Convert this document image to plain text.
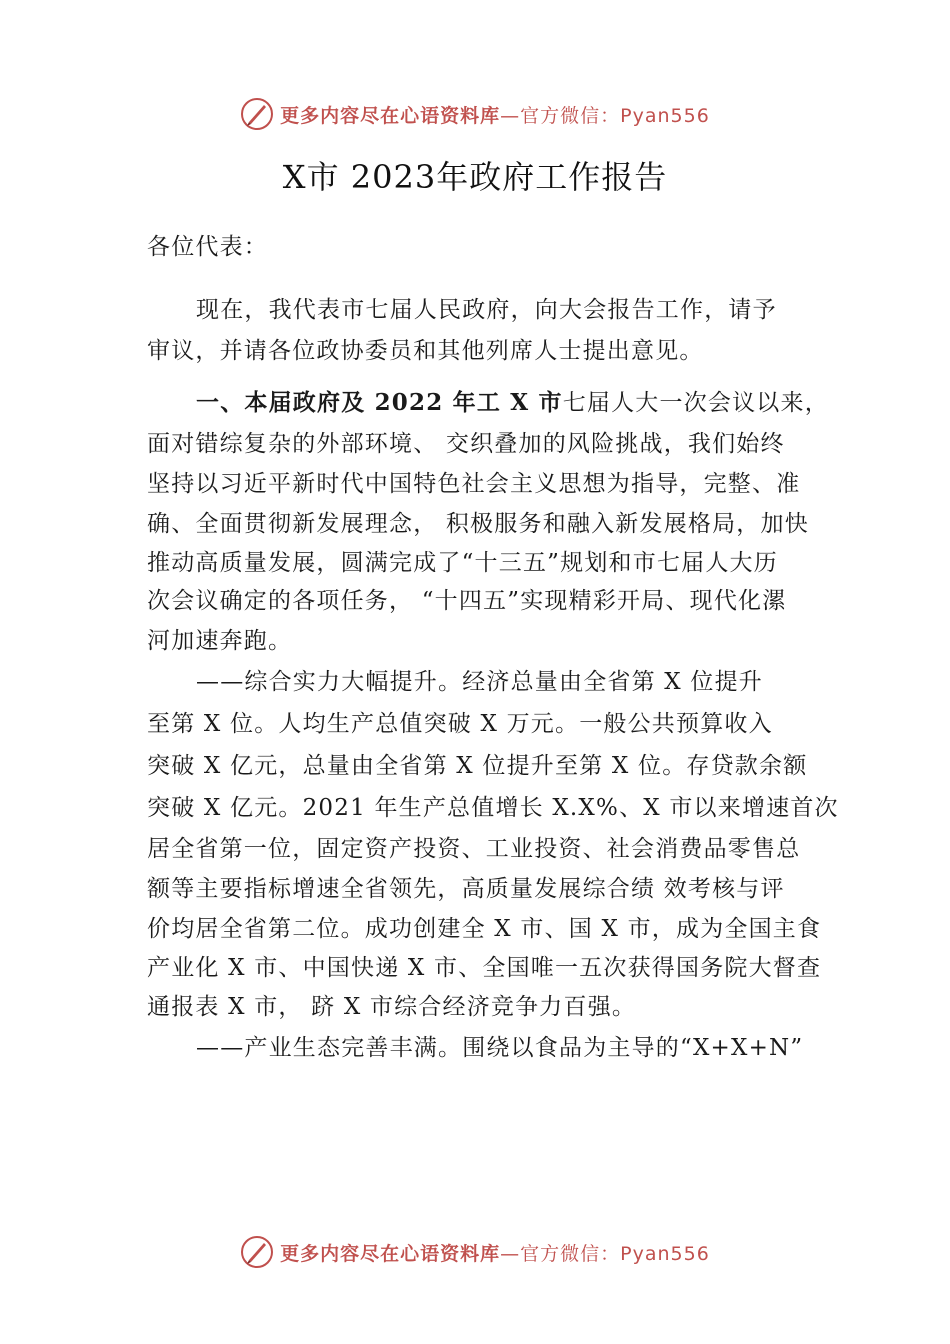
更多内容尽在心语资料库—官方微信：Pyan556
X市 2023年政府工作报告
各位代表：
现在，我代表市七届人民政府，向大会报告工作，请予
审议，并请各位政协委员和其他列席人士提出意见。
一、本届政府及 2022 年工 X 市七届人大一次会议以来，
面对错综复杂的外部环境、 交织叠加的风险挑战，我们始终
坚持以习近平新时代中国特色社会主义思想为指导，完整、准
确、全面贯彻新发展理念， 积极服务和融入新发展格局，加快
推动高质量发展，圆满完成了“十三五”规划和市七届人大历
次会议确定的各项任务， “十四五”实现精彩开局、现代化漯
河加速奔跑。
——综合实力大幅提升。经济总量由全省第 X 位提升
至第 X 位。人均生产总值突破 X 万元。一般公共预算收入
突破 X 亿元，总量由全省第 X 位提升至第 X 位。存贷款余额
突破 X 亿元。2021 年生产总值增长 X.X%、X 市以来增速首次
居全省第一位，固定资产投资、工业投资、社会消费品零售总
额等主要指标增速全省领先，高质量发展综合绩 效考核与评
价均居全省第二位。成功创建全 X 市、国 X 市，成为全国主食
产业化 X 市、中国快递 X 市、全国唯一五次获得国务院大督查
通报表 X 市， 跻 X 市综合经济竞争力百强。
——产业生态完善丰满。围绕以食品为主导的“X+X+N”
更多内容尽在心语资料库—官方微信：Pyan556
